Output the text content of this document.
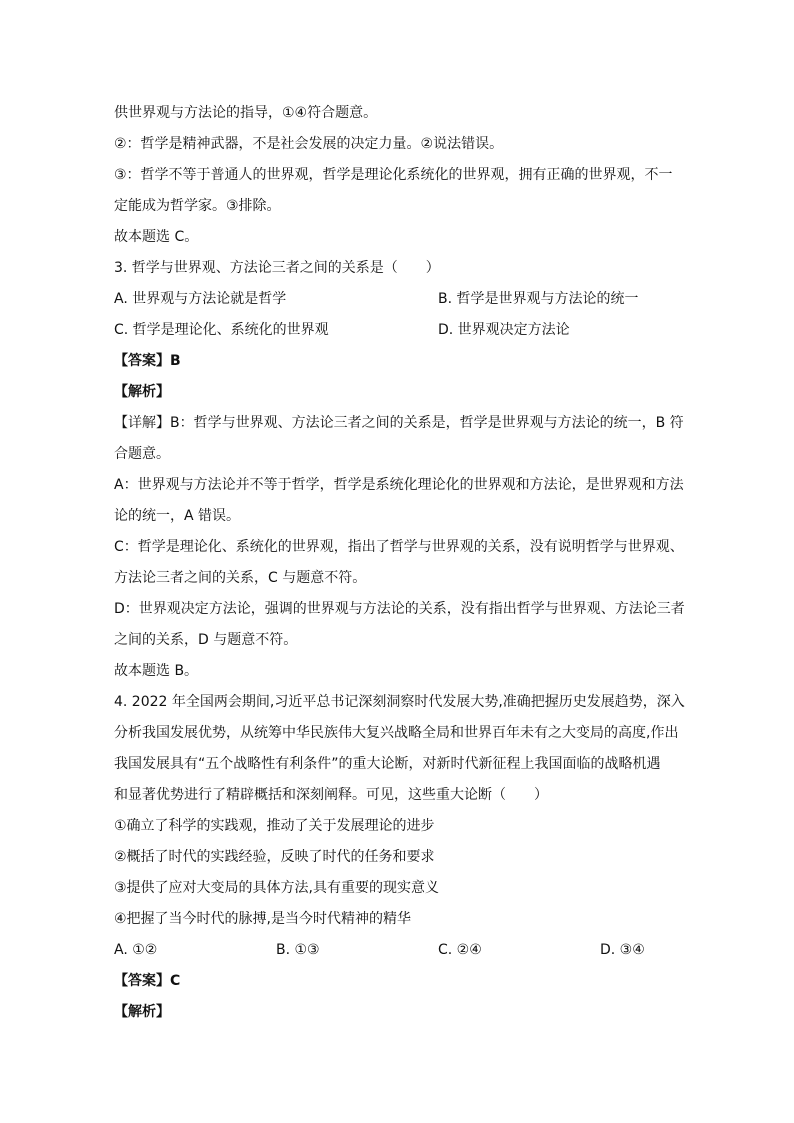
供世界观与方法论的指导，①④符合题意。

②：哲学是精神武器，不是社会发展的决定力量。②说法错误。

③：哲学不等于普通人的世界观，哲学是理论化系统化的世界观，拥有正确的世界观，不一

定能成为哲学家。③排除。

故本题选 C。

3. 哲学与世界观、方法论三者之间的关系是（　　）

A. 世界观与方法论就是哲学	B. 哲学是世界观与方法论的统一

C. 哲学是理论化、系统化的世界观	D. 世界观决定方法论

【答案】B

【解析】

【详解】B：哲学与世界观、方法论三者之间的关系是，哲学是世界观与方法论的统一，B 符

合题意。

A：世界观与方法论并不等于哲学，哲学是系统化理论化的世界观和方法论，是世界观和方法

论的统一，A 错误。

C：哲学是理论化、系统化的世界观，指出了哲学与世界观的关系，没有说明哲学与世界观、

方法论三者之间的关系，C 与题意不符。

D：世界观决定方法论，强调的世界观与方法论的关系，没有指出哲学与世界观、方法论三者

之间的关系，D 与题意不符。

故本题选 B。

4. 2022 年全国两会期间,习近平总书记深刻洞察时代发展大势,准确把握历史发展趋势，深入

分析我国发展优势，从统筹中华民族伟大复兴战略全局和世界百年未有之大变局的高度,作出

我国发展具有“五个战略性有利条件”的重大论断，对新时代新征程上我国面临的战略机遇

和显著优势进行了精辟概括和深刻阐释。可见，这些重大论断（　　）

①确立了科学的实践观，推动了关于发展理论的进步

②概括了时代的实践经验，反映了时代的任务和要求

③提供了应对大变局的具体方法,具有重要的现实意义

④把握了当今时代的脉搏,是当今时代精神的精华

A. ①②	B. ①③	C. ②④	D. ③④

【答案】C

【解析】
